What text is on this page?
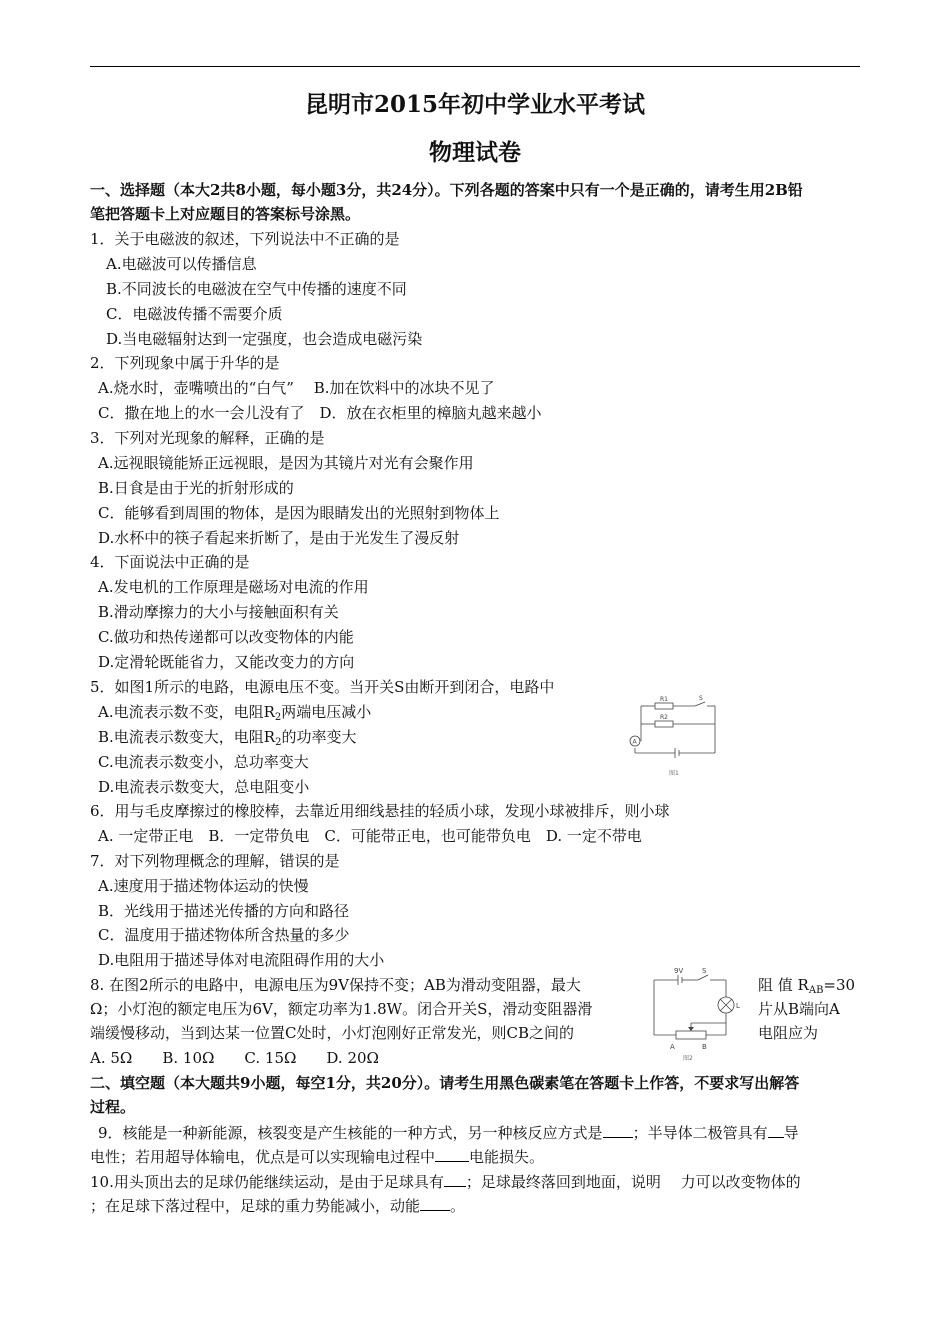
昆明市2015年初中学业水平考试
物理试卷
一、选择题（本大2共8小题，每小题3分，共24分）。下列各题的答案中只有一个是正确的，请考生用2B铅
笔把答题卡上对应题目的答案标号涂黑。
1．关于电磁波的叙述，下列说法中不正确的是
A.电磁波可以传播信息
B.不同波长的电磁波在空气中传播的速度不同
C．电磁波传播不需要介质
D.当电磁辐射达到一定强度，也会造成电磁污染
2．下列现象中属于升华的是
A.烧水时，壶嘴喷出的“白气”　 B.加在饮料中的冰块不见了
C．撒在地上的水一会儿没有了　D．放在衣柜里的樟脑丸越来越小
3．下列对光现象的解释，正确的是
A.远视眼镜能矫正远视眼，是因为其镜片对光有会聚作用
B.日食是由于光的折射形成的
C．能够看到周围的物体，是因为眼睛发出的光照射到物体上
D.水杯中的筷子看起来折断了，是由于光发生了漫反射
4．下面说法中正确的是
A.发电机的工作原理是磁场对电流的作用
B.滑动摩擦力的大小与接触面积有关
C.做功和热传递都可以改变物体的内能
D.定滑轮既能省力，又能改变力的方向
5．如图1所示的电路，电源电压不变。当开关S由断开到闭合，电路中
A.电流表示数不变，电阻$R_2$两端电压减小
B.电流表示数变大，电阻$R_2$的功率变大
C.电流表示数变小，总功率变大
D.电流表示数变大，总电阻变小
R1
R2
S
A
图1
6．用与毛皮摩擦过的橡胶棒，去靠近用细线悬挂的轻质小球，发现小球被排斥，则小球
A. 一定带正电　B．一定带负电　C．可能带正电，也可能带负电　D. 一定不带电
7．对下列物理概念的理解，错误的是
A.速度用于描述物体运动的快慢
B．光线用于描述光传播的方向和路径
C．温度用于描述物体所含热量的多少
D.电阻用于描述导体对电流阻碍作用的大小
8. 在图2所示的电路中，电源电压为9V保持不变；AB为滑动变阻器，最大	阻 值 $R_{AB}=30$
Ω；小灯泡的额定电压为6V，额定功率为1.8W。闭合开关S，滑动变阻器滑	片从B端向A
端缓慢移动，当到达某一位置C处时，小灯泡刚好正常发光，则CB之间的	电阻应为
A. 5Ω　　B. 10Ω　　C. 15Ω　　D. 20Ω
9V	S
L
A	B
图2
二、填空题（本大题共9小题，每空1分，共20分）。请考生用黑色碳素笔在答题卡上作答，不要求写出解答
过程。
9．核能是一种新能源，核裂变是产生核能的一种方式，另一种核反应方式是 ；半导体二极管具有 导
电性；若用超导体输电，优点是可以实现输电过程中 电能损失。
10.用头顶出去的足球仍能继续运动，是由于足球具有 ；足球最终落回到地面，说明　 力可以改变物体的
；在足球下落过程中，足球的重力势能减小，动能 。
